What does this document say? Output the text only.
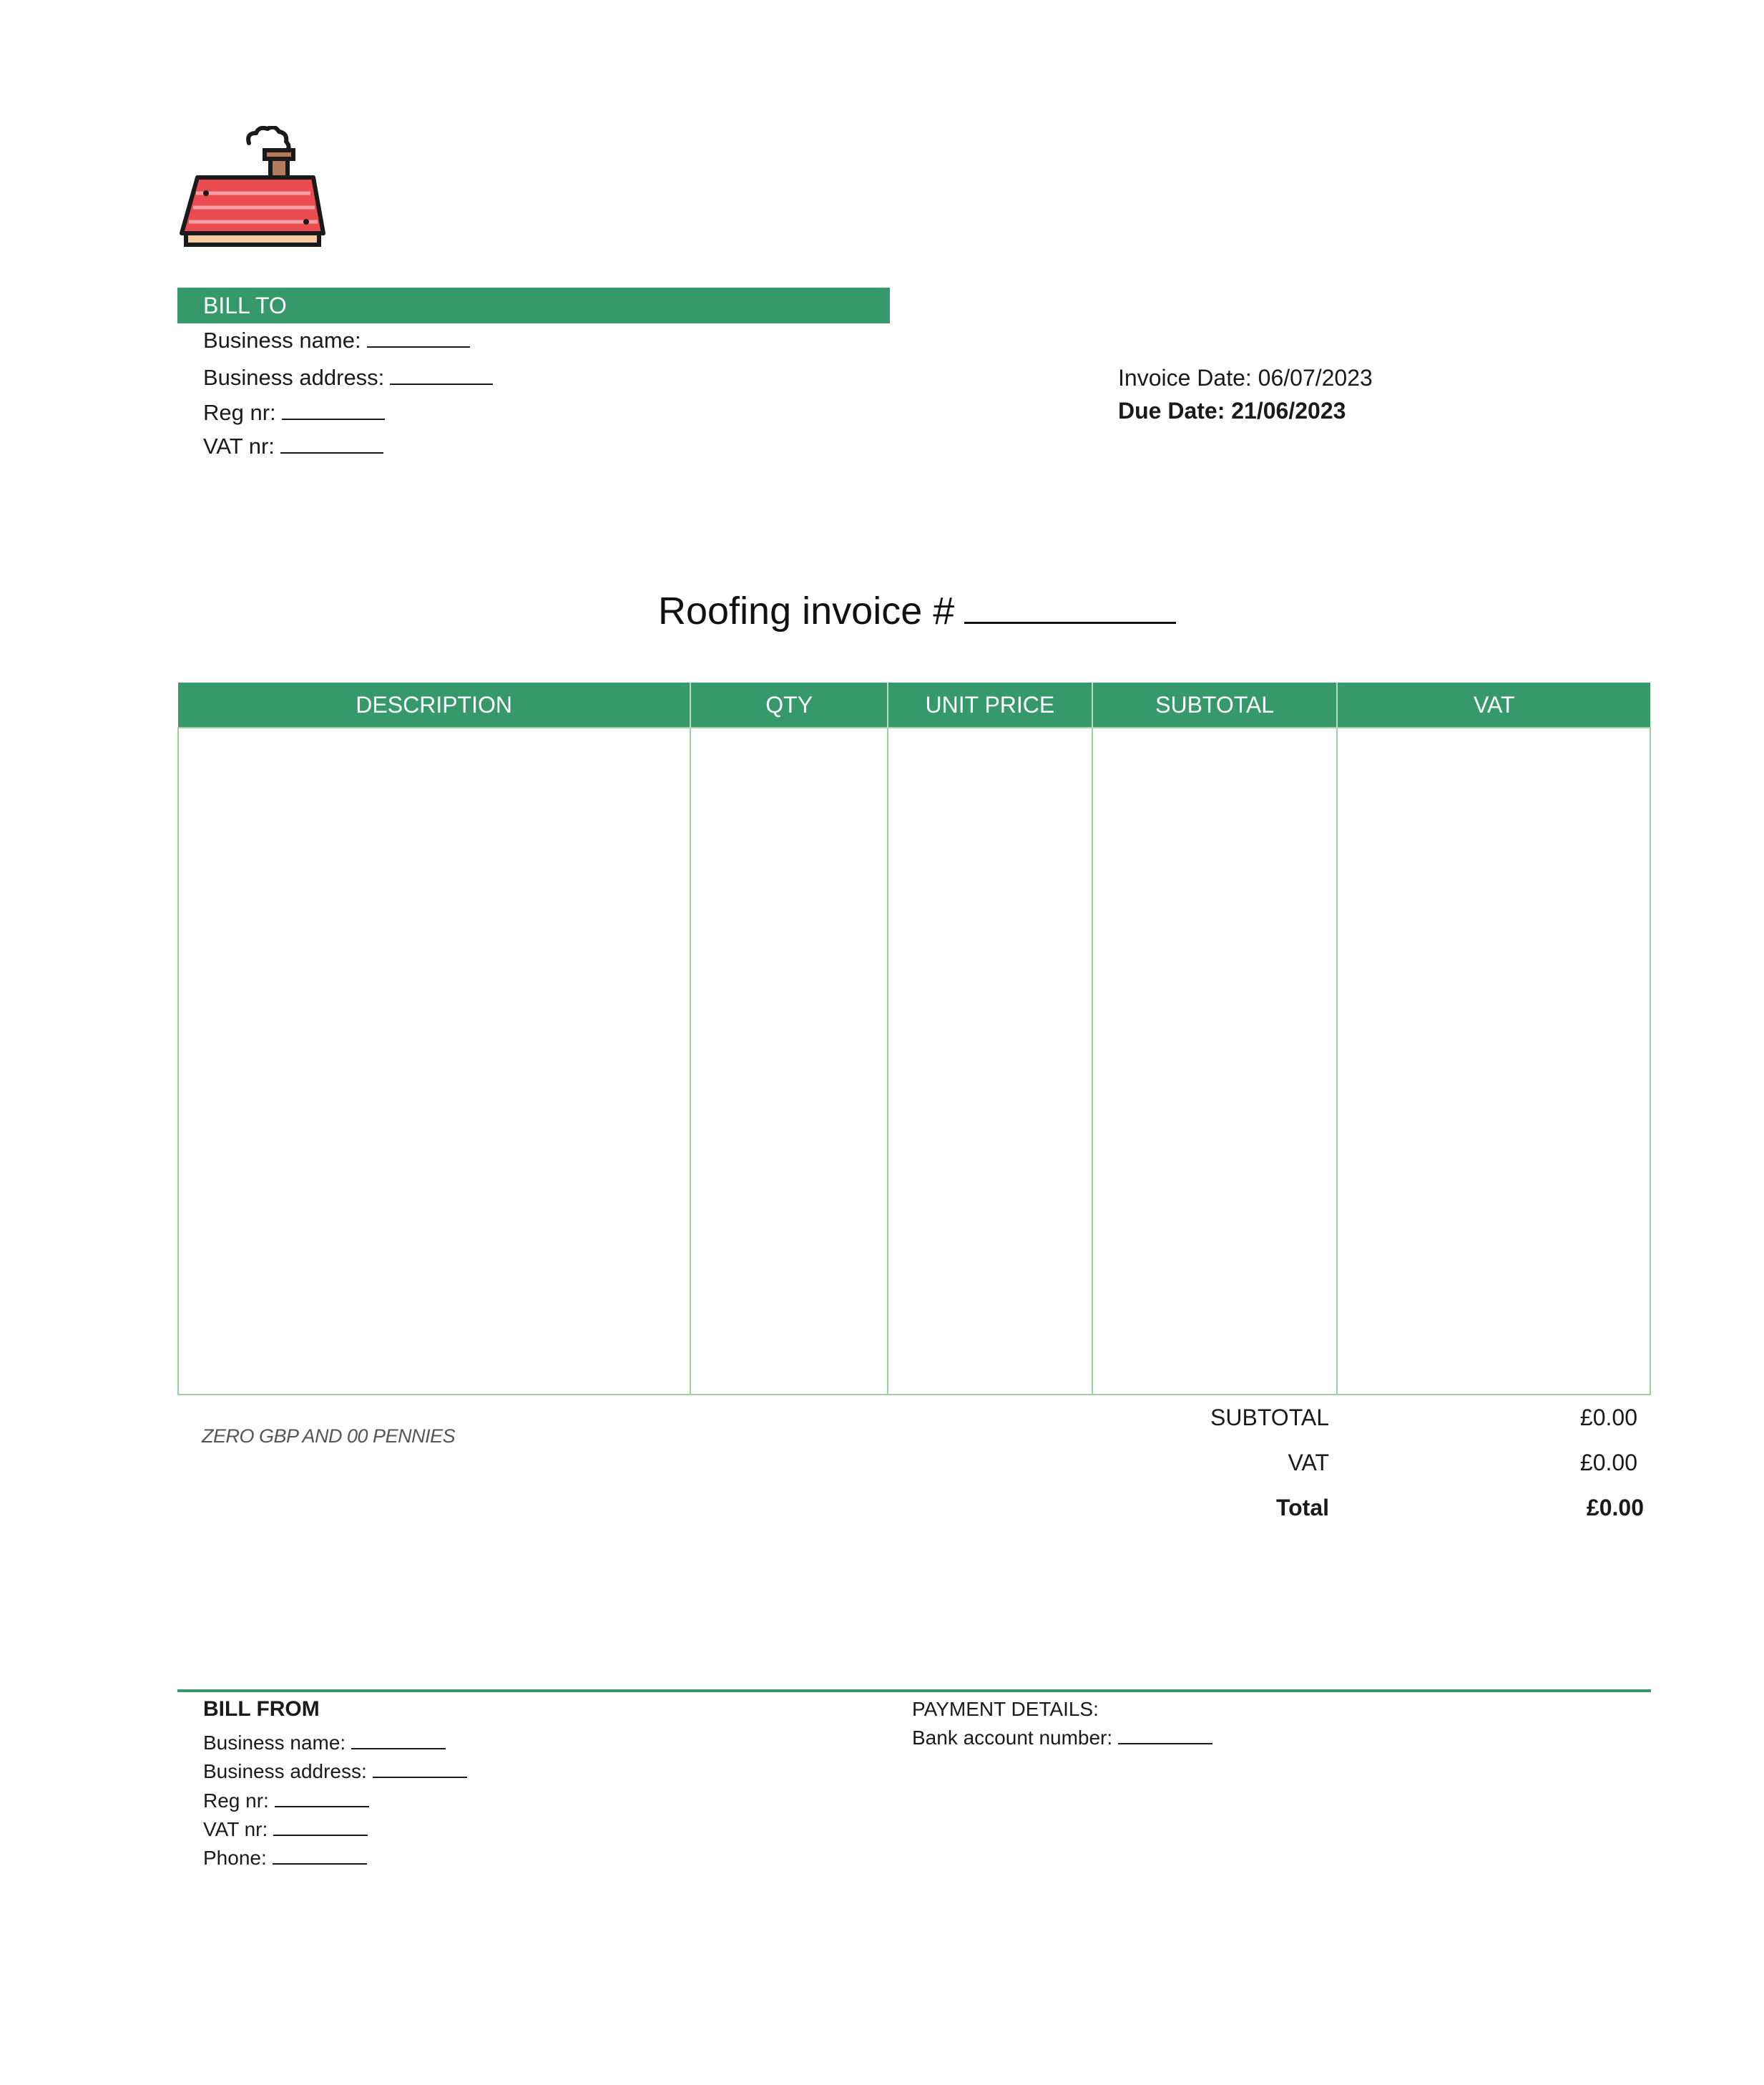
BILL TO
Business name:
Business address:
Reg nr:
VAT nr:
Invoice Date: 06/07/2023
Due Date: 21/06/2023
Roofing invoice #
DESCRIPTION	QTY	UNIT PRICE	SUBTOTAL	VAT

ZERO GBP AND 00 PENNIES
SUBTOTAL	£0.00
VAT	£0.00
Total	£0.00
BILL FROM
Business name:
Business address:
Reg nr:
VAT nr:
Phone:
PAYMENT DETAILS:
Bank account number:
